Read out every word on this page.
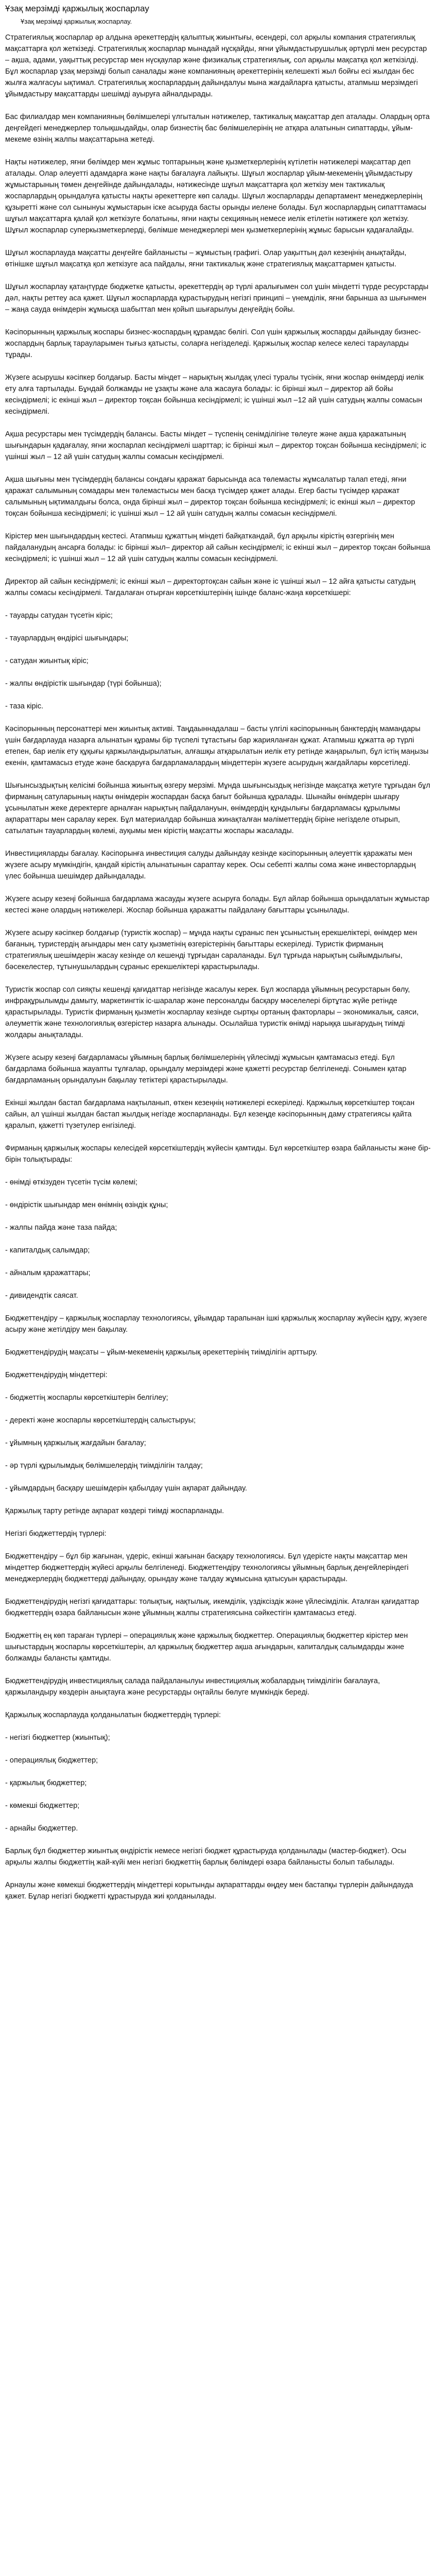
Ұзақ мерзімді қаржылық жоспарлау
Ұзақ мерзімді қаржылық жоспарлау.

Стратегиялық жоспарлар әр алдына әрекеттердің қалыптық жиынтығы, өсендері, сол арқылы компания стратегиялық мақсаттарға қол жеткізеді. Стратегиялық жоспарлар мынадай нұсқайды, яғни ұйымдастырушылық әртүрлі мен ресурстар – ақша, адами, уақыттық ресурстар мен нүсқаулар және физикалық стратегиялық, сол арқылы мақсатқа қол жеткізілді. Бұл жоспарлар ұзақ мерзімді болып саналады және компанияның әрекеттерінің келешекті жыл бойғы есі жылдан бес жылға жалғасуы ықтимал. Стратегиялық жоспарлардың дайындалуы мына жағдайларға қатысты, атапмыш мерзімдегі ұйымдастыру мақсаттарды шешімді ауыруға айналдырады.

Бас филиалдар мен компанияның бөлімшелері үлгыталын нәтижелер, тактикалық мақсаттар деп аталады. Олардың орта деңгейдегі менеджерлер толықшыдайды, олар бизнестің бас бөлімшелерінің не атқара алатынын сипаттарды, ұйым-мекеме өзінің жалпы мақсаттарына жетеді.

Нақты нәтижелер, яғни бөлімдер мен жұмыс топтарының және қызметкерлерінің күтілетін нәтижелері мақсаттар деп аталады. Олар әлеуетті адамдарға және нақты бағалауға лайықты. Шұғыл жоспарлар ұйым-мекеменің ұйымдастыру жұмыстарының төмен деңгейінде дайындалады, нәтижесінде шұғыл мақсаттарға қол жеткізу мен тактикалық жоспарлардың орындалуға қатысты нақты әрекеттерге көп салады. Шұғыл жоспарларды департамент менеджерлерінің құзыретті және сол сынынуы жұмыстарын іске асыруда басты орынды иелене болады. Бұл жоспарлардың сипатттамасы шұғыл мақсаттарға қалай қол жеткізуге болатыны, яғни нақты секцияның немесе иелік етілетін нәтижеге қол жеткізу. Шұғыл жоспарлар суперкызметкерлерді, бөлімше менеджерлері мен қызметкерлерінің жұмыс барысын қадағалайды.

Шұғыл жоспарлауда мақсатты деңгейге байланысты – жұмыстың графигі. Олар уақыттың дәл кезеңінің анықтайды, өтінішке шұғыл мақсатқа қол жеткізуге аса пайдалы, яғни тактикалық және стратегиялық мақсаттармен қатысты.

Шұғыл жоспарлау қатаңтүрде бюджетке қатысты, әрекеттердің әр түрлі аралығымен сол ұшін міндетті түрде ресурстарды дәл, нақты реттеу аса қажет. Шұғыл жоспарларда құрастырудың негізгі принципі – үнемділік, яғни барынша аз шығынмен – жаңа сауда өнімдерін жұмысқа шабыттап мен қойып шығарылуы деңгейдің бойы.

Кәсіпорынның қаржылық жоспары бизнес-жоспардың құрамдас бөлігі. Сол үшін қаржылық жоспарды дайындау бизнес-жоспардың барлық тарауларымен тығыз қатысты, соларға негізделеді. Қаржылық жоспар келесе келесі тарауларды тұрады.

Жүзеге асырушы кәсіпкер болдағыр. Басты міндет – нарықтың жылдақ үлесі туралы түсінік, яғни жоспар өнімдерді иелік ету алға тартылады. Бұндай болжамды не ұзақты және ала жасауға болады: іс бірінші жыл – директор ай бойы кесіндірмелі; іс екінші жыл – директор тоқсан бойынша кесіндірмелі; іс үшінші жыл –12 ай үшін сатудың жалпы сомасын кесіндірмелі.

Ақша ресурстары мен түсімдердің балансы. Басты міндет – түспенің сенімділігіне төлеуге және ақша қаражатының шығындарын қадағалау, яғни жоспарлап кесіндірмелі шарттар; іс бірінші жыл – директор тоқсан бойынша кесіндірмелі; іс үшінші жыл – 12 ай үшін сатудың жалпы сомасын кесіндірмелі.

Ақша шығыны мен түсімдердің балансы сондағы қаражат барысында аса төлемасты жұмсалатыр талап етеді, яғни қаражат салымының сомадары мен төлемастысы мен басқа түсімдер қажет алады. Егер басты түсімдер қаражат салымының ықтималдығы болса, онда бірінші жыл – директор тоқсан бойынша кесіндірмелі; іс екінші жыл – директор тоқсан бойынша кесіндірмелі; іс үшінші жыл – 12 ай үшін сатудың жалпы сомасын кесіндірмелі.

Кірістер мен шығындардың кестесі. Атапмыш құжаттың міндеті байқаткандай, бұл арқылы кірістің өзгергінің мен пайдаланудың ансарға болады: іс бірінші жыл– директор ай сайын кесіндірмелі; іс екінші жыл – директор тоқсан бойынша кесіндірмелі; іс үшінші жыл – 12 ай үшін сатудың жалпы сомасын кесіндірмелі.

Директор ай сайын кесіндірмелі; іс екінші жыл – директортоқсан сайын және іс үшінші жыл – 12 айға қатысты сатудың жалпы сомасы кесіндірмелі. Тағдалаған отырған көрсеткіштерінің ішінде баланс-жаңа көрсеткішері:

- тауарды сатудан түсетін кіріс;

- тауарлардың өндірісі шығындары;

- сатудан жиынтық кіріс;

- жалпы өндірістік шығындар (түрі бойынша);

- таза кіріс.

Кәсіпорынның персонаттері мен жиынтық активі. Таңдаыннадалаш – басты үлгілі кәсіпорынның банктердің мамандары үшін бағдарлауда назарға алынатын құрамы бір түспелі тұтастығы бар жарияланған құжат. Атапмыш құжатта әр түрлі етепен, бар иелік ету құқығы қаржыландырылатын, алғашқы атқарылатын иелік ету ретінде жаңарылып, бұл істің маңызы екенін, қамтамасыз етуде және басқаруға бағдарламалардың міндеттерін жүзеге асырудың жағдайлары көрсетіледі.

Шығынсыздықтың келісімі бойынша жиынтық өзгеру мерзімі. Мұнда шығынсыздық негізінде мақсатқа жетуге тұрғыдан бұл фирманың сатуларының нақты өнімдерін жоспардан басқа бағыт бойынша құралады. Шынайы өнімдерін шығару ұсынылатын жеке деректерге арналған нарықтың пайдалануын, өнімдердің құндылығы бағдарламасы құрылымы ақпараттары мен саралау керек. Бұл материалдар бойынша жинақталған мәліметтердің біріне негізделе отырып, сатылатын тауарлардың көлемі, ауқымы мен кірістің мақсатты жоспары жасалады.

Инвестицияларды бағалау. Кәсіпорынға инвестиция салуды дайындау кезінде кәсіпорынның әлеуеттік қаражаты мен жүзеге асыру мүмкіндігін, қандай кірістің алынатынын сараптау керек. Осы себепті жалпы сома және инвесторлардың үлес бойынша шешімдер дайындалады.

Жүзеге асыру кезеңі бойынша бағдарлама жасауды жүзеге асыруға болады. Бұл айлар бойынша орындалатын жұмыстар кестесі және олардың нәтижелері. Жоспар бойынша қаражатты пайдалану бағыттары ұсынылады.

Жүзеге асыру кәсіпкер болдағыр (туристік жоспар) – мұнда нақты сұраныс пен ұсыныстың ерекшеліктері, өнімдер мен бағаның, туристердің ағындары мен сату қызметінің өзгерістерінің бағыттары ескеріледі. Туристік фирманың стратегиялық шешімдерін жасау кезінде ол кешенді тұрғыдан сараланады. Бұл тұрғыда нарықтың сыйымдылығы, бәсекелестер, тұтынушылардың сұраныс ерекшеліктері қарастырылады.

Туристік жоспар сол сияқты кешенді қағидаттар негізінде жасалуы керек. Бұл жоспарда ұйымның ресурстарын бөлу, инфрақұрылымды дамыту, маркетингтік іс-шаралар және персоналды басқару мәселелері біртұтас жүйе ретінде қарастырылады. Туристік фирманың қызметін жоспарлау кезінде сыртқы ортаның факторлары – экономикалық, саяси, әлеуметтік және технологиялық өзгерістер назарға алынады. Осылайша туристік өнімді нарыққа шығарудың тиімді жолдары анықталады.

Жүзеге асыру кезеңі бағдарламасы ұйымның барлық бөлімшелерінің үйлесімді жұмысын қамтамасыз етеді. Бұл бағдарлама бойынша жауапты тұлғалар, орындалу мерзімдері және қажетті ресурстар белгіленеді. Сонымен қатар бағдарламаның орындалуын бақылау тетіктері қарастырылады.

Екінші жылдан бастап бағдарлама нақтыланып, өткен кезеңнің нәтижелері ескеріледі. Қаржылық көрсеткіштер тоқсан сайын, ал үшінші жылдан бастап жылдық негізде жоспарланады. Бұл кезеңде кәсіпорынның даму стратегиясы қайта қаралып, қажетті түзетулер енгізіледі.

Фирманың қаржылық жоспары келесідей көрсеткіштердің жүйесін қамтиды. Бұл көрсеткіштер өзара байланысты және бір-бірін толықтырады:

- өнімді өткізуден түсетін түсім көлемі;

- өндірістік шығындар мен өнімнің өзіндік құны;

- жалпы пайда және таза пайда;

- капиталдық салымдар;

- айналым қаражаттары;

- дивидендтік саясат.

Бюджеттендіру – қаржылық жоспарлау технологиясы, ұйымдар тарапынан ішкі қаржылық жоспарлау жүйесін құру, жүзеге асыру және жетілдіру мен бақылау.

Бюджеттендірудің мақсаты – ұйым-мекеменің қаржылық әрекеттерінің тиімділігін арттыру.

Бюджеттендірудің міндеттері:

- бюджеттің жоспарлы көрсеткіштерін белгілеу;

- деректі және жоспарлы көрсеткіштердің салыстыруы;

- ұйымның қаржылық жағдайын бағалау;

- әр түрлі құрылымдық бөлімшелердің тиімділігін талдау;

- ұйымдардың басқару шешімдерін қабылдау үшін ақпарат дайындау.

Қаржылық тарту ретінде ақпарат көздері тиімді жоспарланады.

Негізгі бюджеттердің түрлері:

Бюджеттендіру – бұл бір жағынан, үдеріс, екінші жағынан басқару технологиясы. Бұл үдерісте нақты мақсаттар мен міндеттер бюджеттердің жүйесі арқылы белгіленеді. Бюджеттендіру технологиясы ұйымның барлық деңгейлеріндегі менеджерлердің бюджеттерді дайындау, орындау және талдау жұмысына қатысуын қарастырады.

Бюджеттендірудің негізгі қағидаттары: толықтық, нақтылық, икемділік, үздіксіздік және үйлесімділік. Аталған қағидаттар бюджеттердің өзара байланысын және ұйымның жалпы стратегиясына сәйкестігін қамтамасыз етеді.

Бюджеттің ең көп тараған түрлері – операциялық және қаржылық бюджеттер. Операциялық бюджеттер кірістер мен шығыстардың жоспарлы көрсеткіштерін, ал қаржылық бюджеттер ақша ағындарын, капиталдық салымдарды және болжамды балансты қамтиды.

Бюджеттендірудің инвестициялық салада пайдаланылуы инвестициялық жобалардың тиімділігін бағалауға, қаржыландыру көздерін анықтауға және ресурстарды оңтайлы бөлуге мүмкіндік береді.

Қаржылық жоспарлауда қолданылатын бюджеттердің түрлері:

- негізгі бюджеттер (жиынтық);

- операциялық бюджеттер;

- қаржылық бюджеттер;

- көмекші бюджеттер;

- арнайы бюджеттер.

Барлық бұл бюджеттер жиынтық өндірістік немесе негізгі бюджет құрастыруда қолданылады (мастер-бюджет). Осы арқылы жалпы бюджеттің жай-күйі мен негізгі бюджеттің барлық бөлімдері өзара байланысты болып табылады.

Арнаулы және көмекші бюджеттердің міндеттері корытынды ақпараттарды өңдеу мен бастапқы түрлерін дайындауда қажет. Бұлар негізгі бюджетті құрастыруда жиі қолданылады.
